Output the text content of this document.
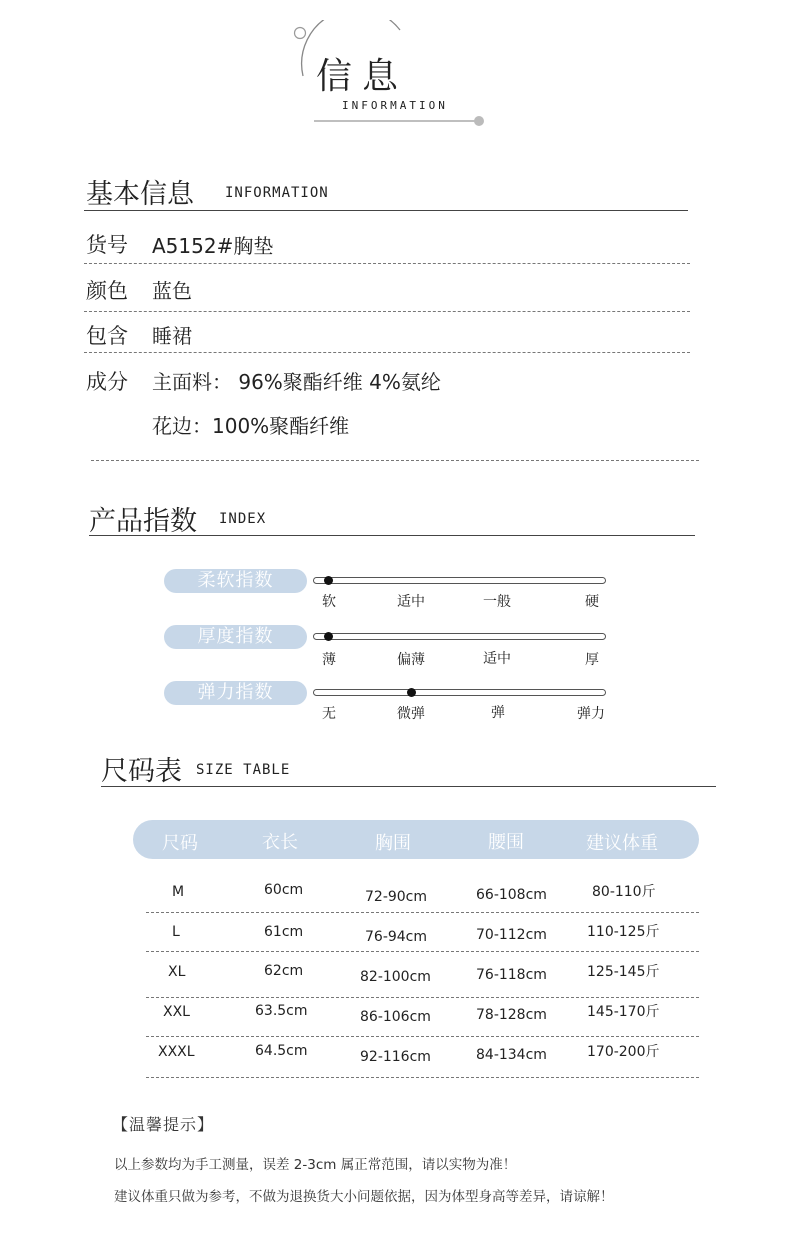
信息
INFORMATION
基本信息 INFORMATION
货号 A5152#胸垫
颜色 蓝色
包含 睡裙
成分 主面料： 96%聚酯纤维 4%氨纶
花边：100%聚酯纤维
产品指数 INDEX
柔软指数
软	适中	一般	硬
厚度指数
薄	偏薄	适中	厚
弹力指数
无	微弹	弹	弹力
尺码表 SIZE TABLE
尺码	衣长	胸围	腰围	建议体重
M	60cm	72-90cm	66-108cm	80-110斤
L	61cm	76-94cm	70-112cm	110-125斤
XL	62cm	82-100cm	76-118cm	125-145斤
XXL	63.5cm	86-106cm	78-128cm	145-170斤
XXXL	64.5cm	92-116cm	84-134cm	170-200斤
【温馨提示】
以上参数均为手工测量，误差 2-3cm 属正常范围，请以实物为准！
建议体重只做为参考，不做为退换货大小问题依据，因为体型身高等差异，请谅解！
